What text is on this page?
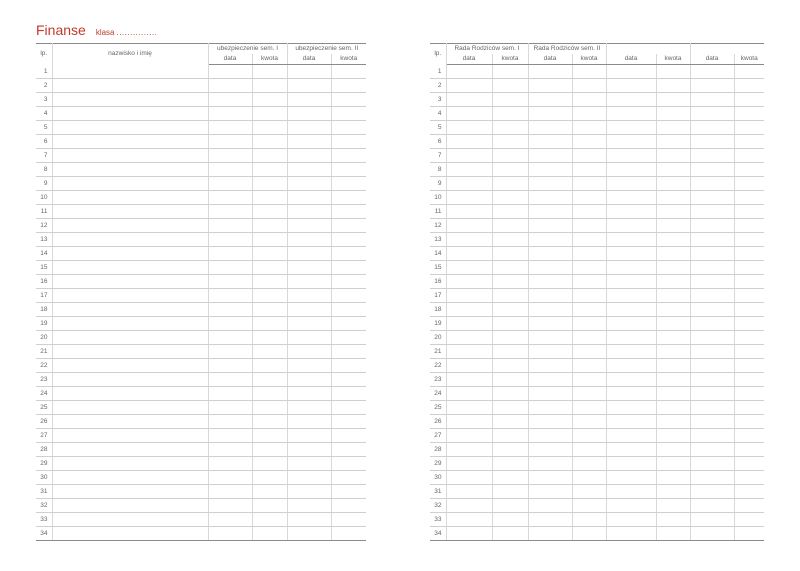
Finanse klasa ...............
lp.	nazwisko i imię	ubezpieczenie sem. I		ubezpieczenie sem. II	
		data	kwota	data	kwota
1					
2					
3					
4					
5					
6					
7					
8					
9					
10					
11					
12					
13					
14					
15					
16					
17					
18					
19					
20					
21					
22					
23					
24					
25					
26					
27					
28					
29					
30					
31					
32					
33					
34					
lp.	Rada Rodziców sem. I		Rada Rodziców sem. II					
	data	kwota	data	kwota	data	kwota	data	kwota
1								
2								
3								
4								
5								
6								
7								
8								
9								
10								
11								
12								
13								
14								
15								
16								
17								
18								
19								
20								
21								
22								
23								
24								
25								
26								
27								
28								
29								
30								
31								
32								
33								
34								
